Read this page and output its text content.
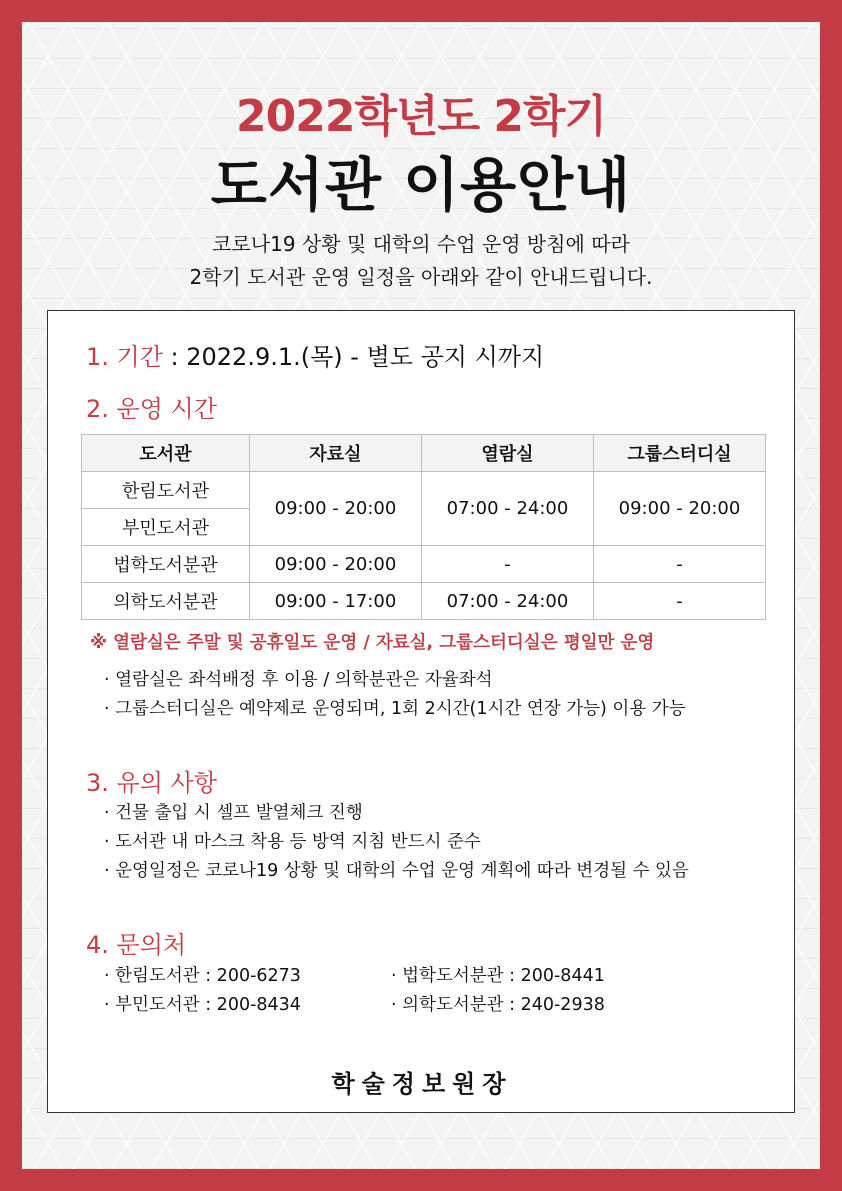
2022학년도 2학기
도서관 이용안내
코로나19 상황 및 대학의 수업 운영 방침에 따라
2학기 도서관 운영 일정을 아래와 같이 안내드립니다.
1. 기간 : 2022.9.1.(목) - 별도 공지 시까지
2. 운영 시간
도서관	자료실	열람실	그룹스터디실
한림도서관	09:00 - 20:00	07:00 - 24:00	09:00 - 20:00
부민도서관			
법학도서분관	09:00 - 20:00	-	-
의학도서분관	09:00 - 17:00	07:00 - 24:00	-
※ 열람실은 주말 및 공휴일도 운영 / 자료실, 그룹스터디실은 평일만 운영
· 열람실은 좌석배정 후 이용 / 의학분관은 자율좌석
· 그룹스터디실은 예약제로 운영되며, 1회 2시간(1시간 연장 가능) 이용 가능
3. 유의 사항
· 건물 출입 시 셀프 발열체크 진행
· 도서관 내 마스크 착용 등 방역 지침 반드시 준수
· 운영일정은 코로나19 상황 및 대학의 수업 운영 계획에 따라 변경될 수 있음
4. 문의처
· 한림도서관 : 200-6273	· 법학도서분관 : 200-8441
· 부민도서관 : 200-8434	· 의학도서분관 : 240-2938
학술정보원장
